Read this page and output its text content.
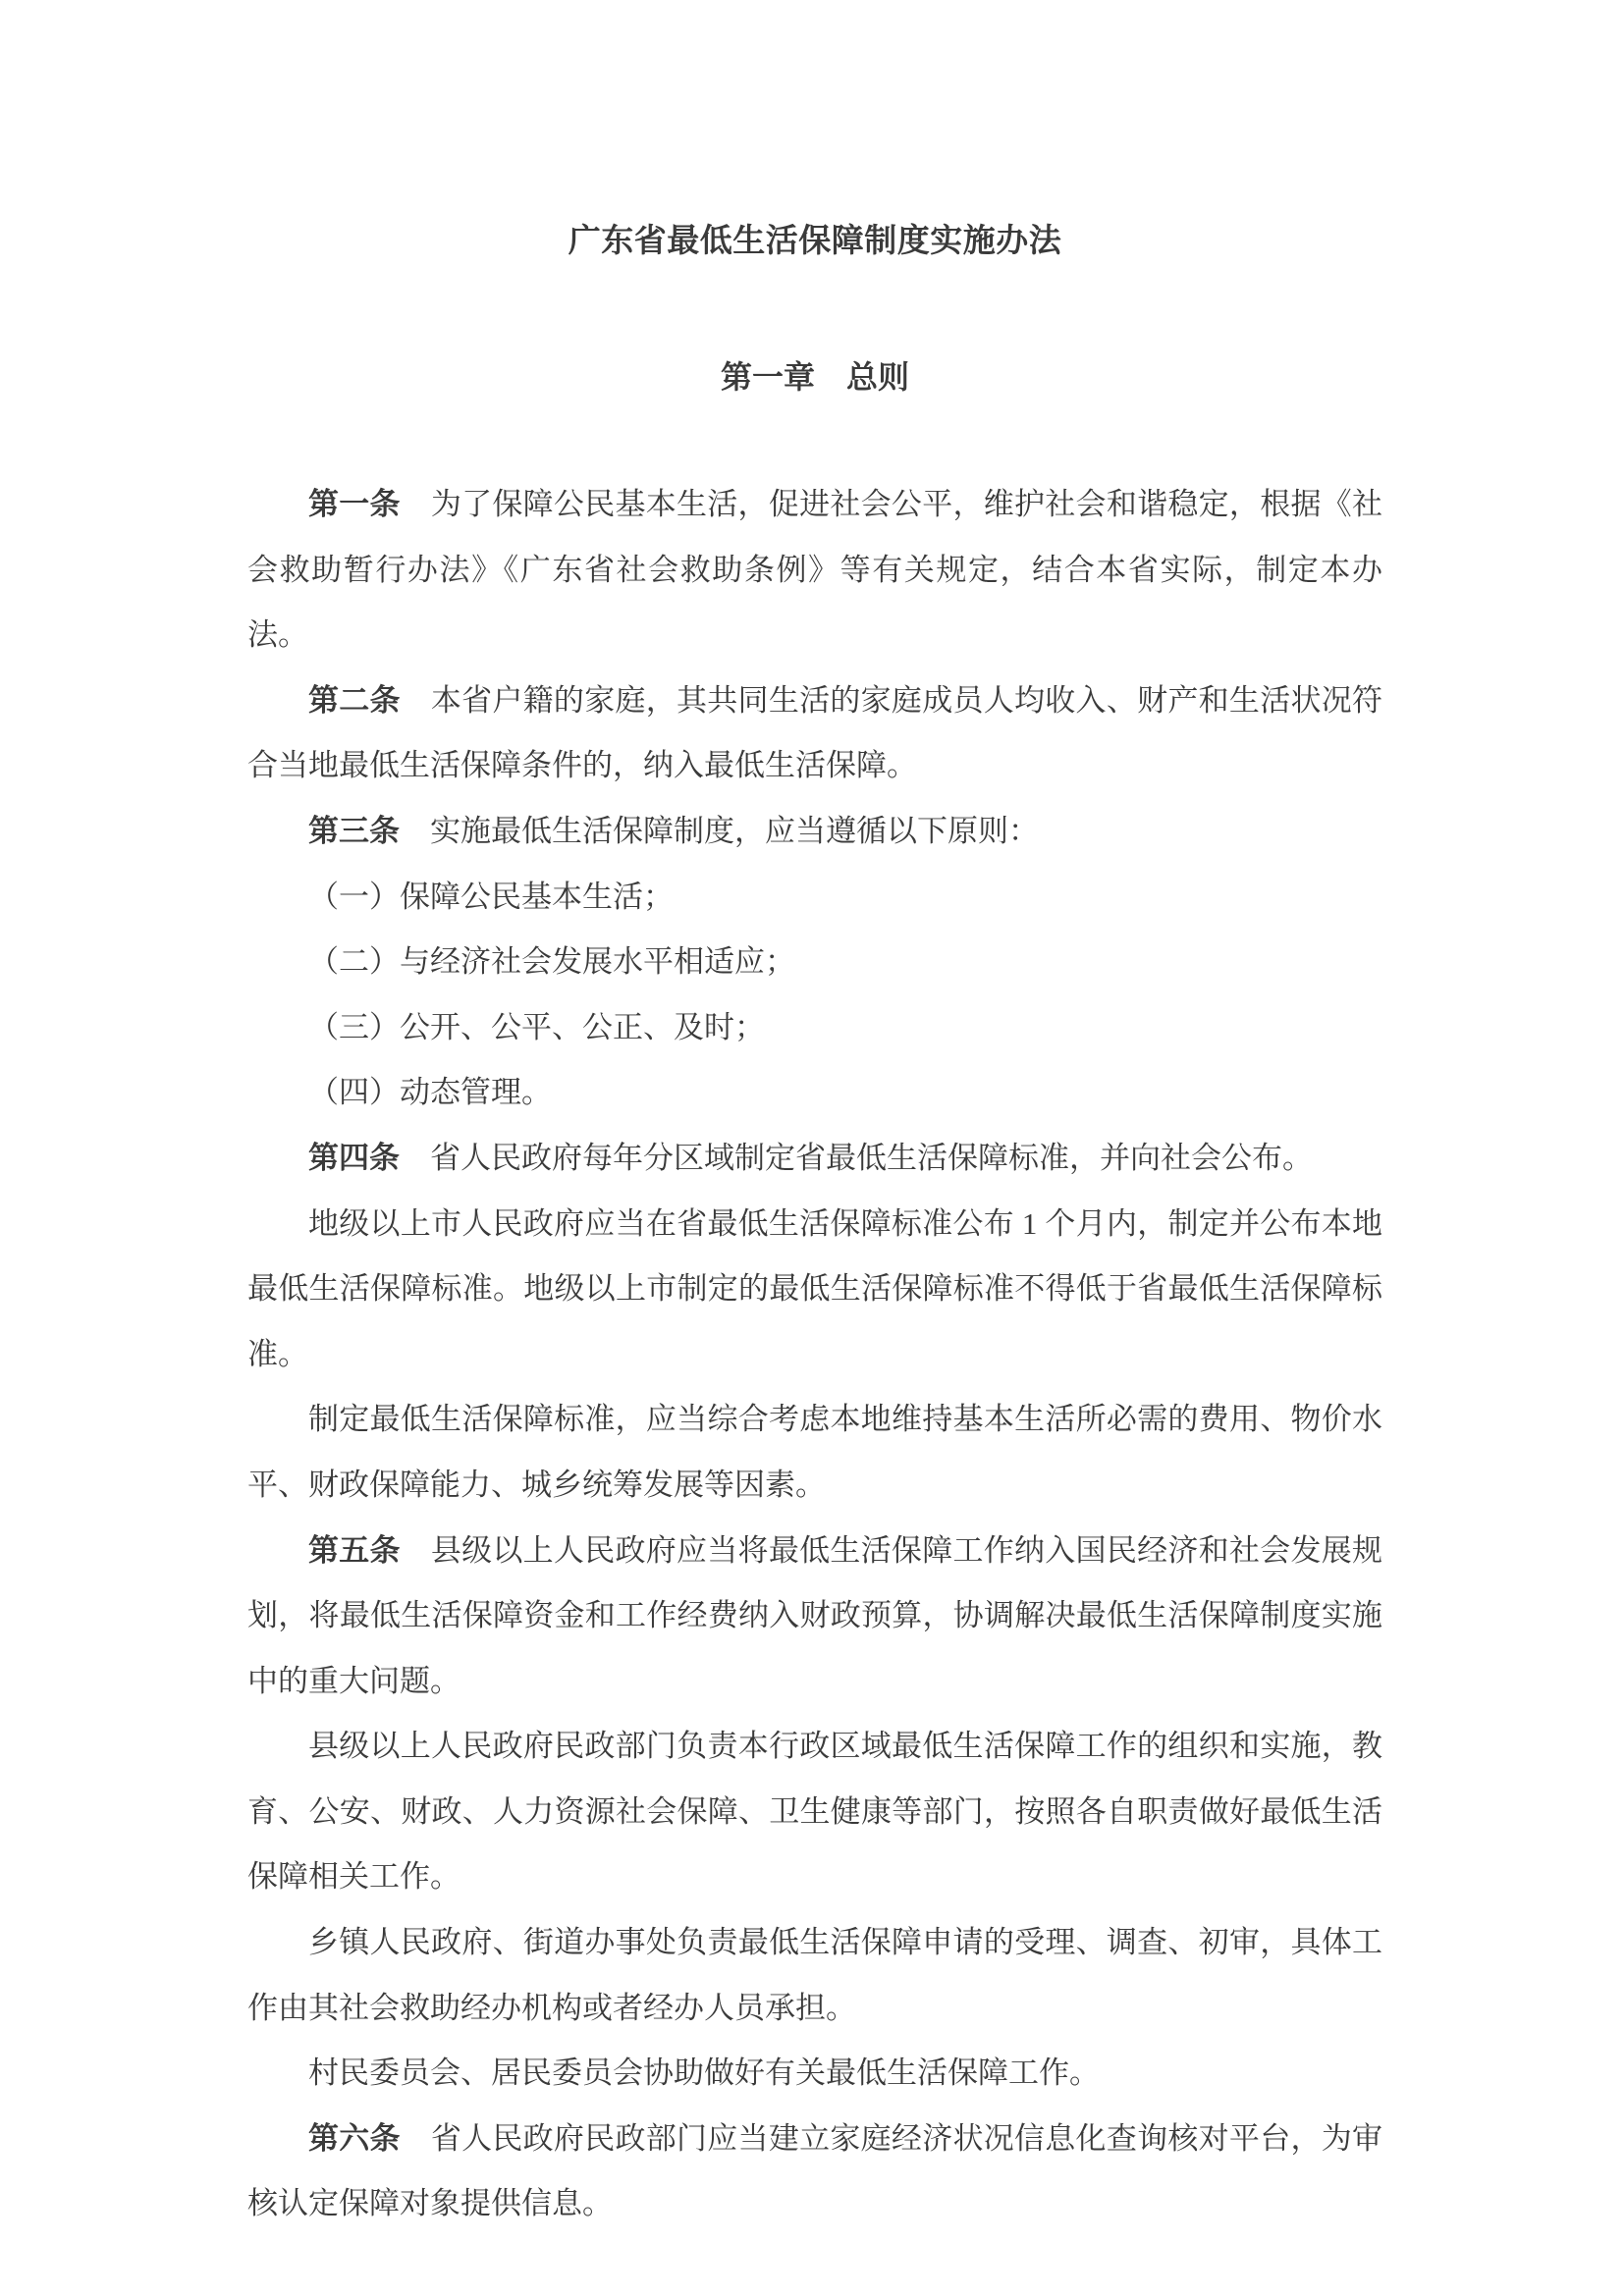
广东省最低生活保障制度实施办法
第一章　总则

第一条 为了保障公民基本生活，促进社会公平，维护社会和谐稳定，根据《社会救助暂行办法》《广东省社会救助条例》等有关规定，结合本省实际，制定本办法。

第二条 本省户籍的家庭，其共同生活的家庭成员人均收入、财产和生活状况符合当地最低生活保障条件的，纳入最低生活保障。

第三条 实施最低生活保障制度，应当遵循以下原则：

（一）保障公民基本生活；

（二）与经济社会发展水平相适应；

（三）公开、公平、公正、及时；

（四）动态管理。

第四条 省人民政府每年分区域制定省最低生活保障标准，并向社会公布。

地级以上市人民政府应当在省最低生活保障标准公布 1 个月内，制定并公布本地最低生活保障标准。地级以上市制定的最低生活保障标准不得低于省最低生活保障标准。

制定最低生活保障标准，应当综合考虑本地维持基本生活所必需的费用、物价水平、财政保障能力、城乡统筹发展等因素。

第五条 县级以上人民政府应当将最低生活保障工作纳入国民经济和社会发展规划，将最低生活保障资金和工作经费纳入财政预算，协调解决最低生活保障制度实施中的重大问题。

县级以上人民政府民政部门负责本行政区域最低生活保障工作的组织和实施，教育、公安、财政、人力资源社会保障、卫生健康等部门，按照各自职责做好最低生活保障相关工作。

乡镇人民政府、街道办事处负责最低生活保障申请的受理、调查、初审，具体工作由其社会救助经办机构或者经办人员承担。

村民委员会、居民委员会协助做好有关最低生活保障工作。

第六条 省人民政府民政部门应当建立家庭经济状况信息化查询核对平台，为审核认定保障对象提供信息。
